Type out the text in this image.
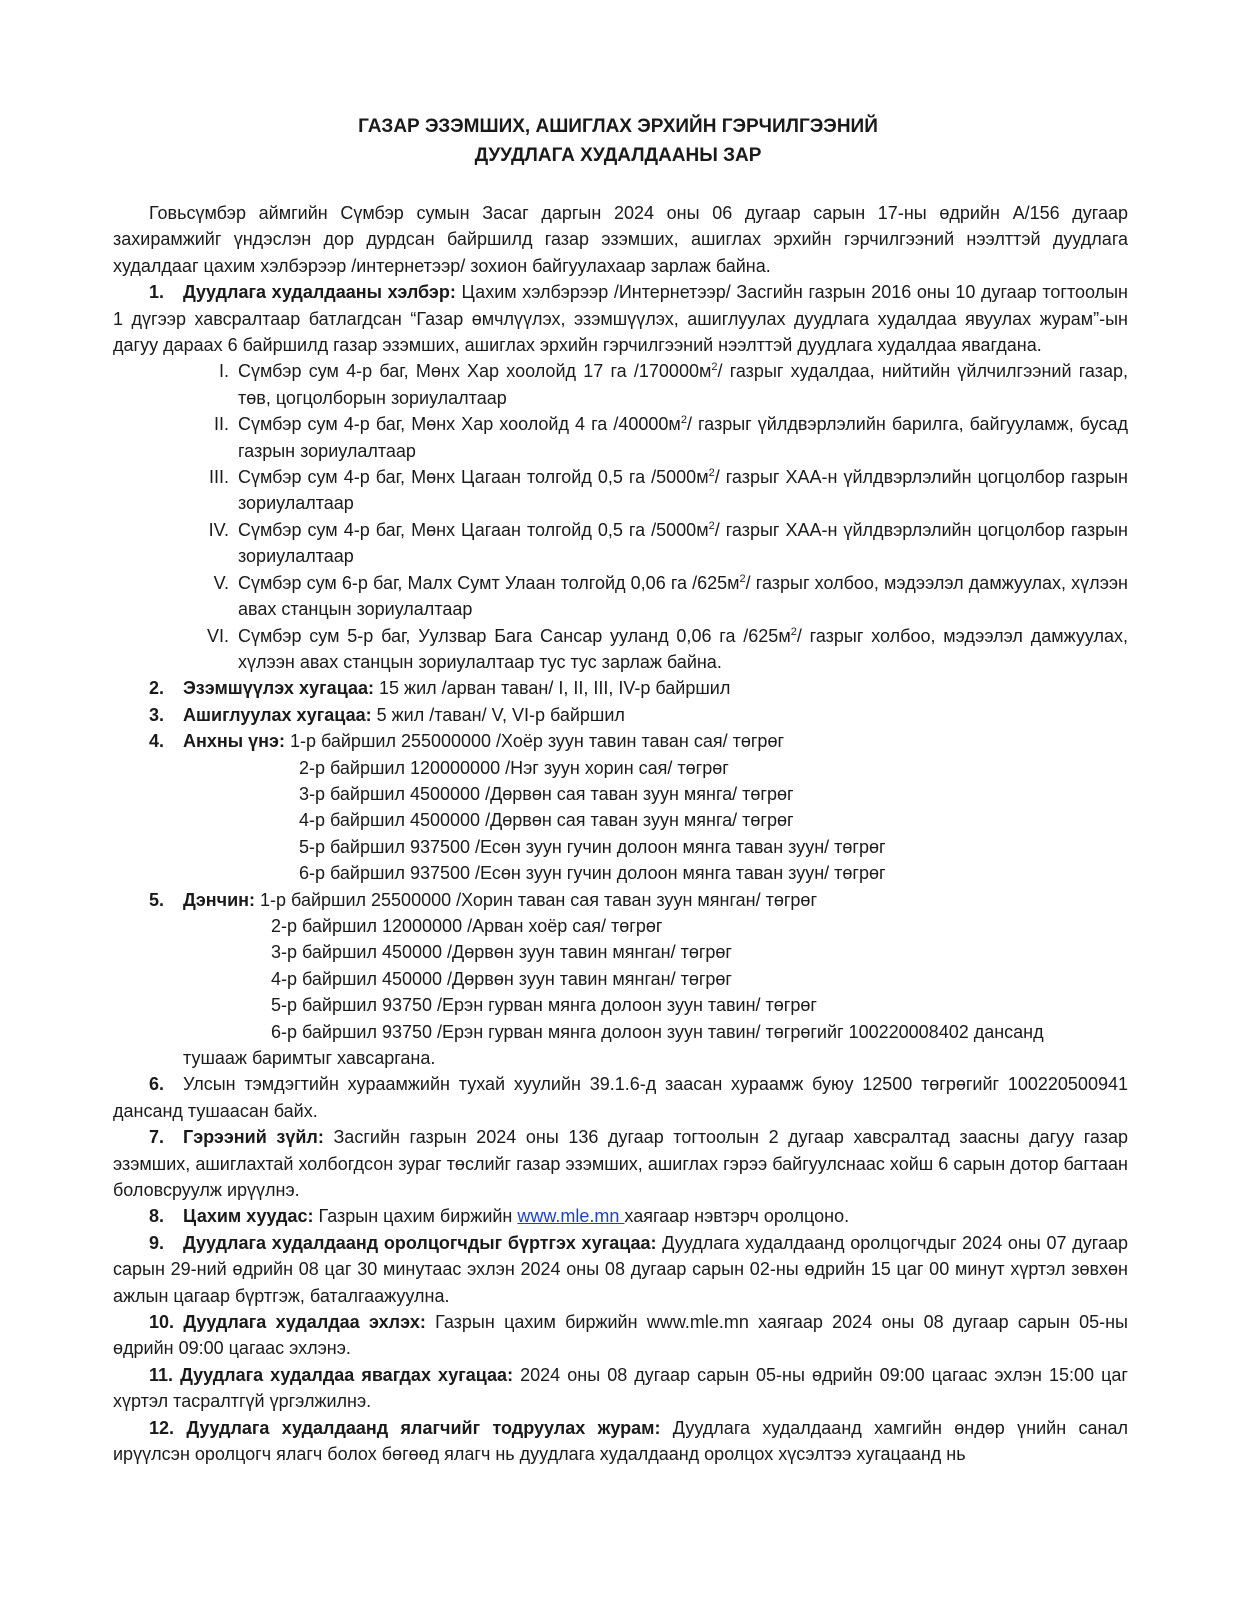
ГАЗАР ЭЗЭМШИХ, АШИГЛАХ ЭРХИЙН ГЭРЧИЛГЭЭНИЙ
ДУУДЛАГА ХУДАЛДААНЫ ЗАР

Говьсүмбэр аймгийн Сүмбэр сумын Засаг даргын 2024 оны 06 дугаар сарын 17-ны өдрийн А/156 дугаар захирамжийг үндэслэн дор дурдсан байршилд газар эзэмших, ашиглах эрхийн гэрчилгээний нээлттэй дуудлага худалдааг цахим хэлбэрээр /интернетээр/ зохион байгуулахаар зарлаж байна.

1. Дуудлага худалдааны хэлбэр: Цахим хэлбэрээр /Интернетээр/ Засгийн газрын 2016 оны 10 дугаар тогтоолын 1 дүгээр хавсралтаар батлагдсан “Газар өмчлүүлэх, эзэмшүүлэх, ашиглуулах дуудлага худалдаа явуулах журам”-ын дагуу дараах 6 байршилд газар эзэмших, ашиглах эрхийн гэрчилгээний нээлттэй дуудлага худалдаа явагдана.

I. Сүмбэр сум 4-р баг, Мөнх Хар хоолойд 17 га $/170000м^2/$ газрыг худалдаа, нийтийн үйлчилгээний газар, төв, цогцолборын зориулалтаар

II. Сүмбэр сум 4-р баг, Мөнх Хар хоолойд 4 га $/40000м^2/$ газрыг үйлдвэрлэлийн барилга, байгууламж, бусад газрын зориулалтаар

III. Сүмбэр сум 4-р баг, Мөнх Цагаан толгойд 0,5 га $/5000м^2/$ газрыг ХАА-н үйлдвэрлэлийн цогцолбор газрын зориулалтаар

IV. Сүмбэр сум 4-р баг, Мөнх Цагаан толгойд 0,5 га $/5000м^2/$ газрыг ХАА-н үйлдвэрлэлийн цогцолбор газрын зориулалтаар

V. Сүмбэр сум 6-р баг, Малх Сумт Улаан толгойд 0,06 га $/625м^2/$ газрыг холбоо, мэдээлэл дамжуулах, хүлээн авах станцын зориулалтаар

VI. Сүмбэр сум 5-р баг, Уулзвар Бага Сансар ууланд 0,06 га $/625м^2/$ газрыг холбоо, мэдээлэл дамжуулах, хүлээн авах станцын зориулалтаар тус тус зарлаж байна.

2. Эзэмшүүлэх хугацаа: 15 жил /арван таван/ I, II, III, IV-р байршил

3. Ашиглуулах хугацаа: 5 жил /таван/ V, VI-р байршил

4. Анхны үнэ: 1-р байршил 255000000 /Хоёр зуун тавин таван сая/ төгрөг

2-р байршил 120000000 /Нэг зуун хорин сая/ төгрөг

3-р байршил 4500000 /Дөрвөн сая таван зуун мянга/ төгрөг

4-р байршил 4500000 /Дөрвөн сая таван зуун мянга/ төгрөг

5-р байршил 937500 /Есөн зуун гучин долоон мянга таван зуун/ төгрөг

6-р байршил 937500 /Есөн зуун гучин долоон мянга таван зуун/ төгрөг

5. Дэнчин: 1-р байршил 25500000 /Хорин таван сая таван зуун мянган/ төгрөг

2-р байршил 12000000 /Арван хоёр сая/ төгрөг

3-р байршил 450000 /Дөрвөн зуун тавин мянган/ төгрөг

4-р байршил 450000 /Дөрвөн зуун тавин мянган/ төгрөг

5-р байршил 93750 /Ерэн гурван мянга долоон зуун тавин/ төгрөг

6-р байршил 93750 /Ерэн гурван мянга долоон зуун тавин/ төгрөгийг 100220008402 дансанд

тушааж баримтыг хавсаргана.

6. Улсын тэмдэгтийн хураамжийн тухай хуулийн 39.1.6-д заасан хураамж буюу 12500 төгрөгийг 100220500941 дансанд тушаасан байх.

7. Гэрээний зүйл: Засгийн газрын 2024 оны 136 дугаар тогтоолын 2 дугаар хавсралтад заасны дагуу газар эзэмших, ашиглахтай холбогдсон зураг төслийг газар эзэмших, ашиглах гэрээ байгуулснаас хойш 6 сарын дотор багтаан боловсруулж ирүүлнэ.

8. Цахим хуудас: Газрын цахим биржийн www.mle.mn хаягаар нэвтэрч оролцоно.

9. Дуудлага худалдаанд оролцогчдыг бүртгэх хугацаа: Дуудлага худалдаанд оролцогчдыг 2024 оны 07 дугаар сарын 29-ний өдрийн 08 цаг 30 минутаас эхлэн 2024 оны 08 дугаар сарын 02-ны өдрийн 15 цаг 00 минут хүртэл зөвхөн ажлын цагаар бүртгэж, баталгаажуулна.

10. Дуудлага худалдаа эхлэх: Газрын цахим биржийн www.mle.mn хаягаар 2024 оны 08 дугаар сарын 05-ны өдрийн 09:00 цагаас эхлэнэ.

11. Дуудлага худалдаа явагдах хугацаа: 2024 оны 08 дугаар сарын 05-ны өдрийн 09:00 цагаас эхлэн 15:00 цаг хүртэл тасралтгүй үргэлжилнэ.

12. Дуудлага худалдаанд ялагчийг тодруулах журам: Дуудлага худалдаанд хамгийн өндөр үнийн санал ирүүлсэн оролцогч ялагч болох бөгөөд ялагч нь дуудлага худалдаанд оролцох хүсэлтээ хугацаанд нь
